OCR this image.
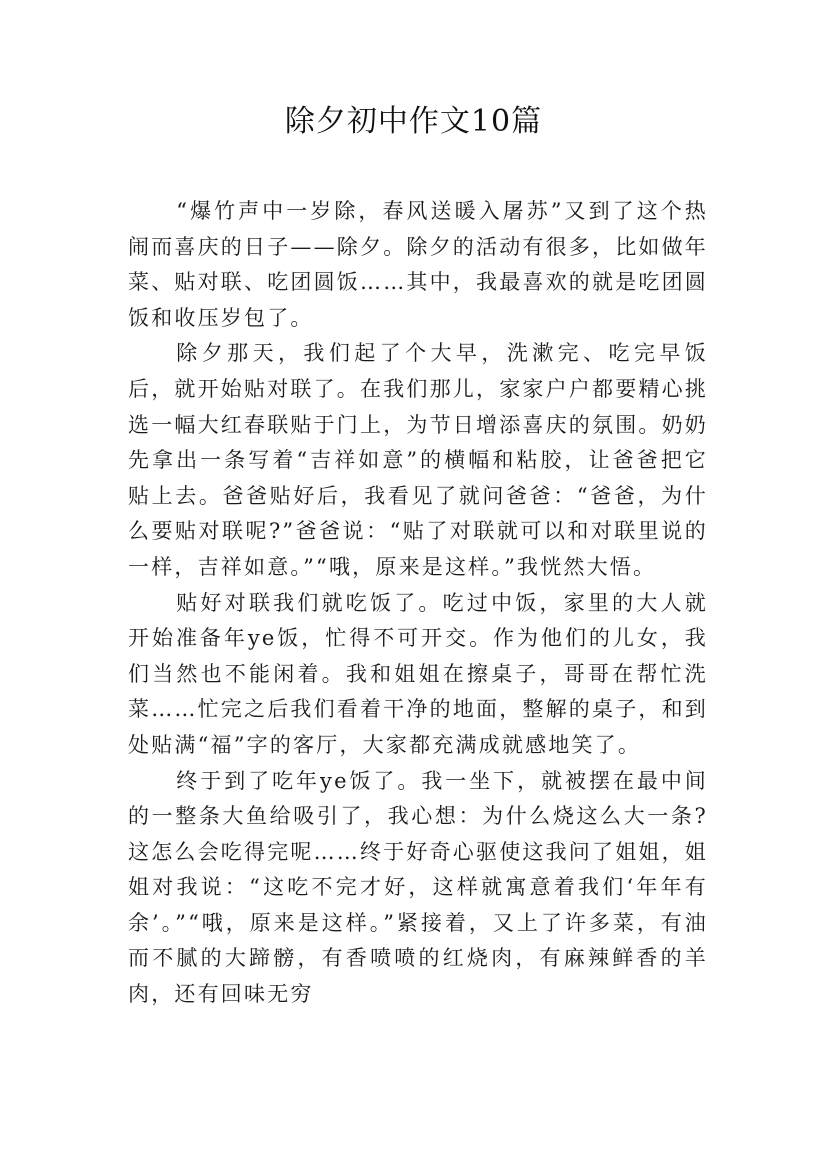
除夕初中作文10篇

“爆竹声中一岁除，春风送暖入屠苏”又到了这个热闹而喜庆的日子——除夕。除夕的活动有很多，比如做年菜、贴对联、吃团圆饭……其中，我最喜欢的就是吃团圆饭和收压岁包了。

除夕那天，我们起了个大早，洗漱完、吃完早饭后，就开始贴对联了。在我们那儿，家家户户都要精心挑选一幅大红春联贴于门上，为节日增添喜庆的氛围。奶奶先拿出一条写着“吉祥如意”的横幅和粘胶，让爸爸把它贴上去。爸爸贴好后，我看见了就问爸爸：“爸爸，为什么要贴对联呢?”爸爸说：“贴了对联就可以和对联里说的一样，吉祥如意。”“哦，原来是这样。”我恍然大悟。

贴好对联我们就吃饭了。吃过中饭，家里的大人就开始准备年ye饭，忙得不可开交。作为他们的儿女，我们当然也不能闲着。我和姐姐在擦桌子，哥哥在帮忙洗菜……忙完之后我们看着干净的地面，整解的桌子，和到处贴满“福”字的客厅，大家都充满成就感地笑了。

终于到了吃年ye饭了。我一坐下，就被摆在最中间的一整条大鱼给吸引了，我心想：为什么烧这么大一条?这怎么会吃得完呢……终于好奇心驱使这我问了姐姐，姐姐对我说：“这吃不完才好，这样就寓意着我们‘年年有余’。”“哦，原来是这样。”紧接着，又上了许多菜，有油而不腻的大蹄髈，有香喷喷的红烧肉，有麻辣鲜香的羊肉，还有回味无穷
